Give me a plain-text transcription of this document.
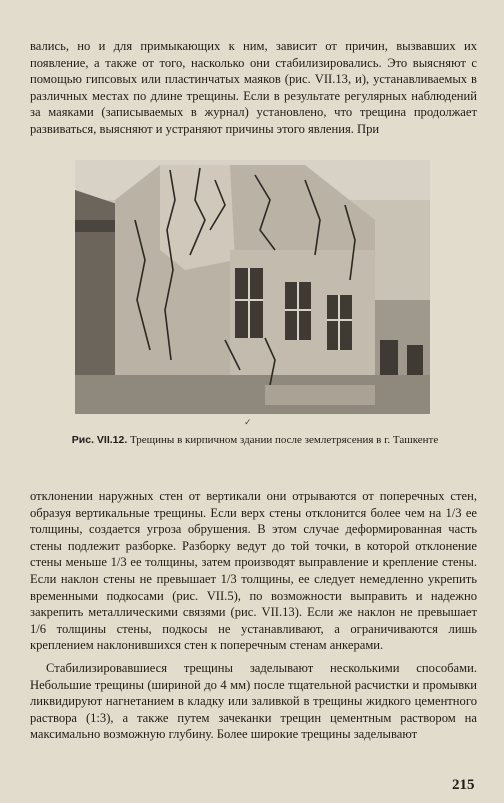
вались, но и для примыкающих к ним, зависит от причин, вызвавших их появление, а также от того, насколько они стабилизировались. Это выясняют с помощью гипсовых или пластинчатых маяков (рис. VII.13, и), устанавливаемых в различных местах по длине трещины. Если в результате регулярных наблюдений за маяками (записываемых в журнал) установлено, что трещина продолжает развиваться, выясняют и устраняют причины этого явления. При

✓
Рис. VII.12. Трещины в кирпичном здании после землетрясения в г. Ташкенте

отклонении наружных стен от вертикали они отрываются от поперечных стен, образуя вертикальные трещины. Если верх стены отклонится более чем на 1/3 ее толщины, создается угроза обрушения. В этом случае деформированная часть стены подлежит разборке. Разборку ведут до той точки, в которой отклонение стены меньше 1/3 ее толщины, затем производят выправление и крепление стены. Если наклон стены не превышает 1/3 толщины, ее следует немедленно укрепить временными подкосами (рис. VII.5), по возможности выправить и надежно закрепить металлическими связями (рис. VII.13). Если же наклон не превышает 1/6 толщины стены, подкосы не устанавливают, а ограничиваются лишь креплением наклонившихся стен к поперечным стенам анкерами.

Стабилизировавшиеся трещины заделывают несколькими способами. Небольшие трещины (шириной до 4 мм) после тщательной расчистки и промывки ликвидируют нагнетанием в кладку или заливкой в трещины жидкого цементного раствора (1:3), а также путем зачеканки трещин цементным раствором на максимально возможную глубину. Более широкие трещины заделывают

215
